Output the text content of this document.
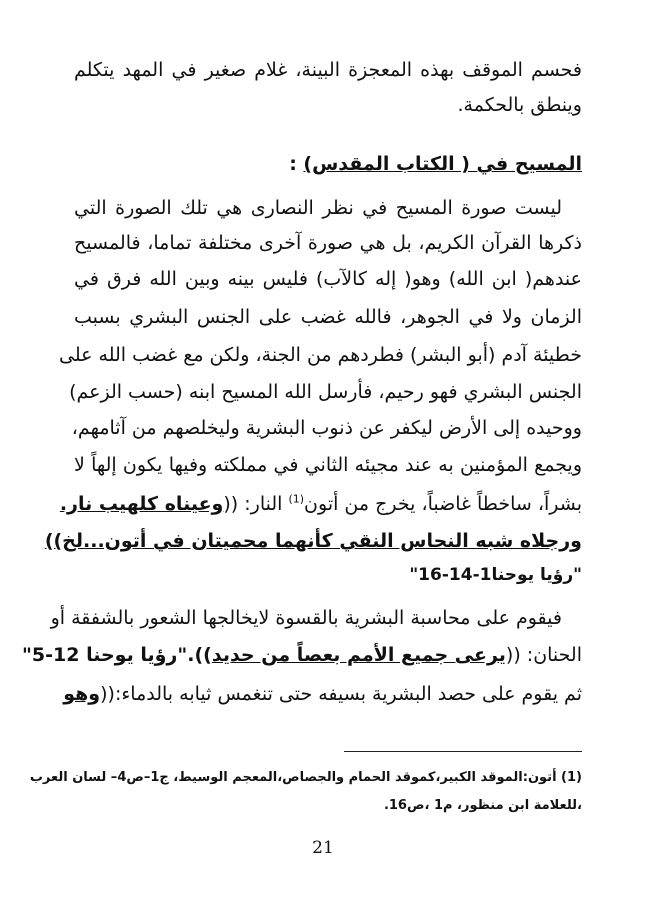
فحسم الموقف بهذه المعجزة البينة، غلام صغير في المهد يتكلم
وينطق بالحكمة.
المسيح في ( الكتاب المقدس) :
ليست صورة المسيح في نظر النصارى هي تلك الصورة التي
ذكرها القرآن الكريم، بل هي صورة آخرى مختلفة تماما، فالمسيح
عندهم( ابن الله) وهو( إله كالآب) فليس بينه وبين الله فرق في
الزمان ولا في الجوهر، فالله غضب على الجنس البشري بسبب
خطيئة آدم (أبو البشر) فطردهم من الجنة، ولكن مع غضب الله على
الجنس البشري فهو رحيم، فأرسل الله المسيح ابنه (حسب الزعم)
ووحيده إلى الأرض ليكفر عن ذنوب البشرية وليخلصهم من آثامهم،
ويجمع المؤمنين به عند مجيئه الثاني في مملكته وفيها يكون إلهاً لا
بشراً، ساخطاً غاضباً، يخرج من أتون$^{(1)}$ النار: ((وعيناه كلهيب نار.
ورجلاه شبه النحاس النقي كأنهما محميتان في أتون...لخ))
"رؤيا يوحنا1-14-16"
فيقوم على محاسبة البشرية بالقسوة لايخالجها الشعور بالشفقة أو
الحنان: ((يرعى جميع الأمم بعصاً من حديد))."رؤيا يوحنا 12-5"
ثم يقوم على حصد البشرية بسيفه حتى تنغمس ثيابه بالدماء:((وهو
(1) أتون:الموقد الكبير،كموقد الحمام والجصاص،المعجم الوسيط، ج1–ص4– لسان العرب
،للعلامة ابن منظور، م1 ،ص16.
21
